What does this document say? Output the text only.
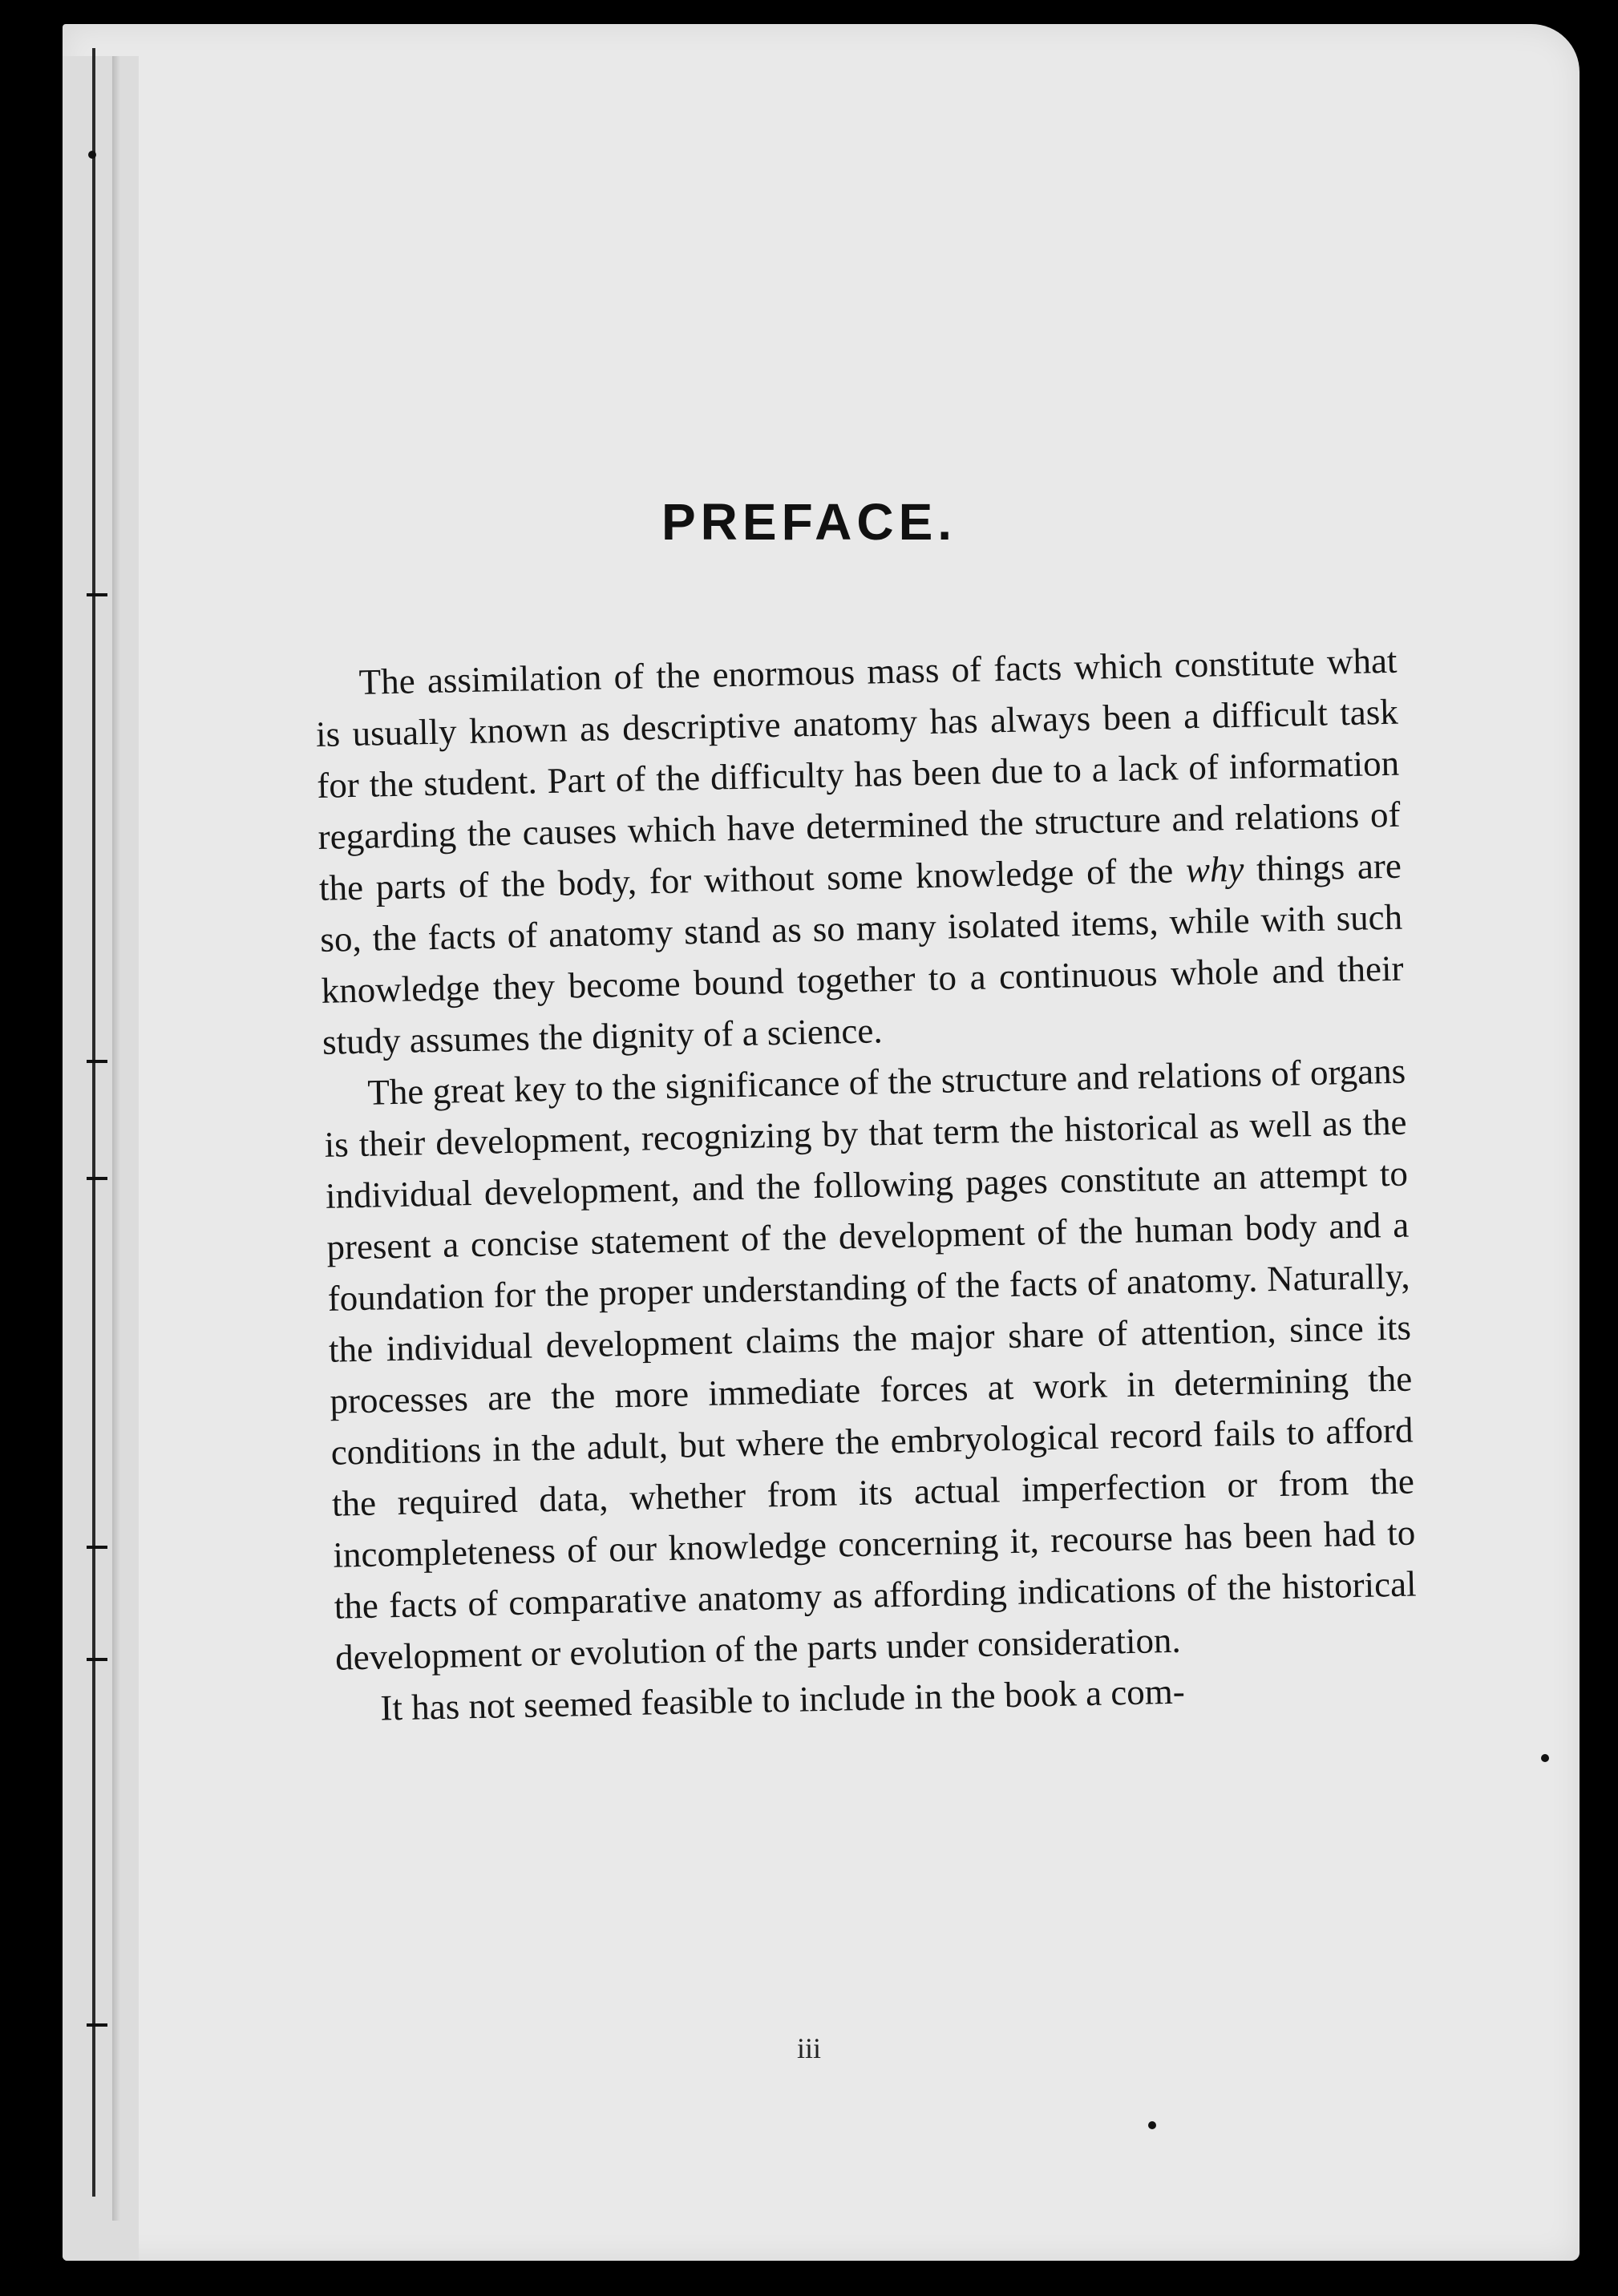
PREFACE.

The assimilation of the enormous mass of facts which constitute what is usually known as descriptive anatomy has always been a difficult task for the student. Part of the difficulty has been due to a lack of information regarding the causes which have determined the structure and relations of the parts of the body, for without some knowledge of the why things are so, the facts of anatomy stand as so many isolated items, while with such knowledge they become bound together to a continuous whole and their study assumes the dignity of a science.

The great key to the significance of the structure and relations of organs is their development, recognizing by that term the historical as well as the individual development, and the following pages constitute an attempt to present a concise statement of the development of the human body and a foundation for the proper understanding of the facts of anatomy. Naturally, the individual development claims the major share of attention, since its processes are the more immediate forces at work in determining the conditions in the adult, but where the embryological record fails to afford the required data, whether from its actual imperfection or from the incompleteness of our knowledge concerning it, recourse has been had to the facts of comparative anatomy as affording indications of the historical development or evolution of the parts under consideration.

It has not seemed feasible to include in the book a com-

iii
